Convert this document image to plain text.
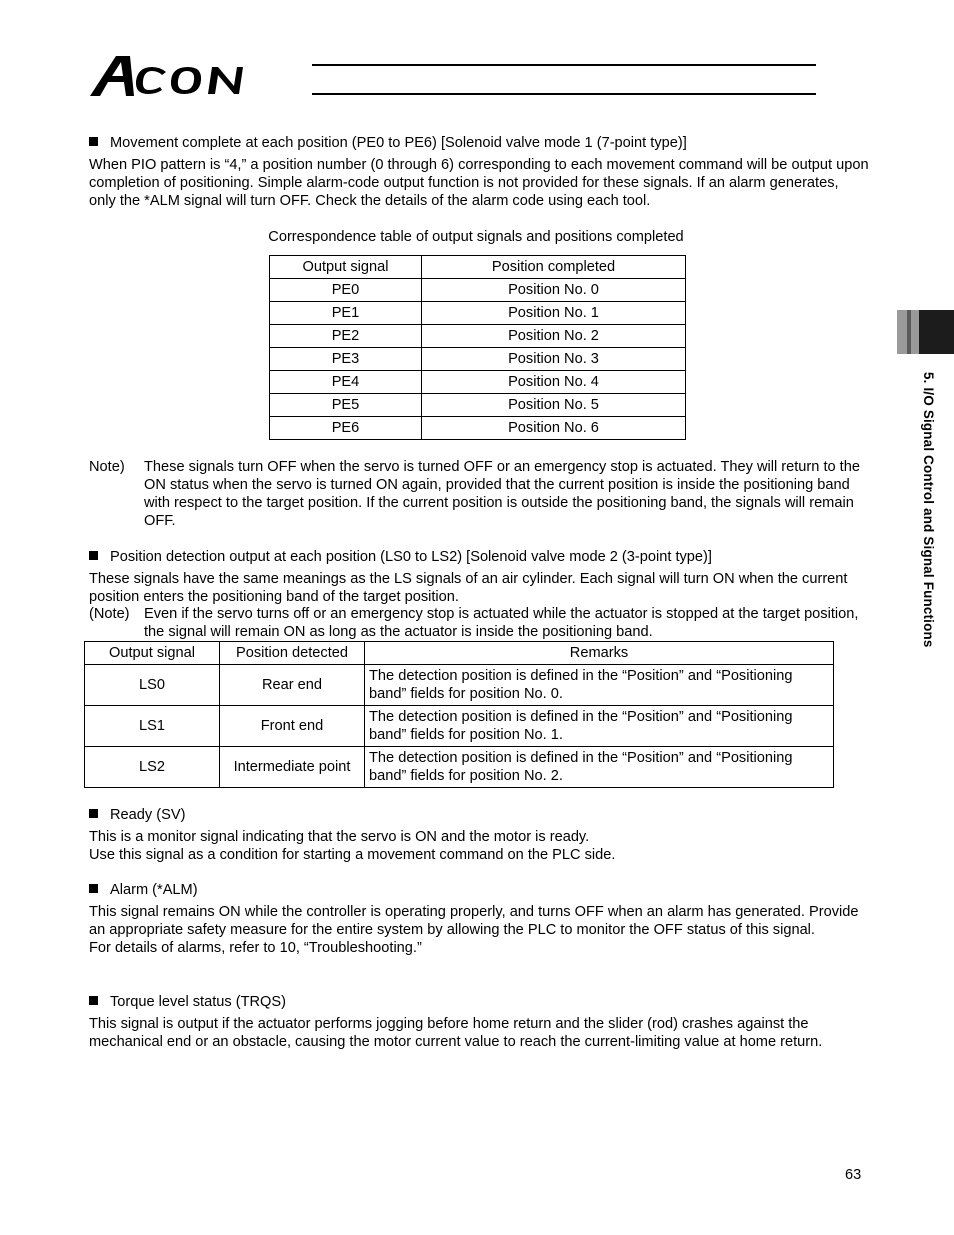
5. I/O Signal Control and Signal Functions
Movement complete at each position (PE0 to PE6) [Solenoid valve mode 1 (7-point type)]

When PIO pattern is “4,” a position number (0 through 6) corresponding to each movement command will be output upon completion of positioning. Simple alarm-code output function is not provided for these signals. If an alarm generates, only the *ALM signal will turn OFF. Check the details of the alarm code using each tool.

Correspondence table of output signals and positions completed
Output signal	Position completed
PE0	Position No. 0
PE1	Position No. 1
PE2	Position No. 2
PE3	Position No. 3
PE4	Position No. 4
PE5	Position No. 5
PE6	Position No. 6
Note) These signals turn OFF when the servo is turned OFF or an emergency stop is actuated. They will return to the ON status when the servo is turned ON again, provided that the current position is inside the positioning band with respect to the target position. If the current position is outside the positioning band, the signals will remain OFF.
Position detection output at each position (LS0 to LS2) [Solenoid valve mode 2 (3-point type)]

These signals have the same meanings as the LS signals of an air cylinder. Each signal will turn ON when the current position enters the positioning band of the target position.

(Note) Even if the servo turns off or an emergency stop is actuated while the actuator is stopped at the target position, the signal will remain ON as long as the actuator is inside the positioning band.
Output signal	Position detected	Remarks
LS0	Rear end	The detection position is defined in the “Position” and “Positioning band” fields for position No. 0.
LS1	Front end	The detection position is defined in the “Position” and “Positioning band” fields for position No. 1.
LS2	Intermediate point	The detection position is defined in the “Position” and “Positioning band” fields for position No. 2.
Ready (SV)

This is a monitor signal indicating that the servo is ON and the motor is ready.

Use this signal as a condition for starting a movement command on the PLC side.

Alarm (*ALM)

This signal remains ON while the controller is operating properly, and turns OFF when an alarm has generated. Provide an appropriate safety measure for the entire system by allowing the PLC to monitor the OFF status of this signal.

For details of alarms, refer to 10, “Troubleshooting.”

Torque level status (TRQS)

This signal is output if the actuator performs jogging before home return and the slider (rod) crashes against the mechanical end or an obstacle, causing the motor current value to reach the current-limiting value at home return.

63
